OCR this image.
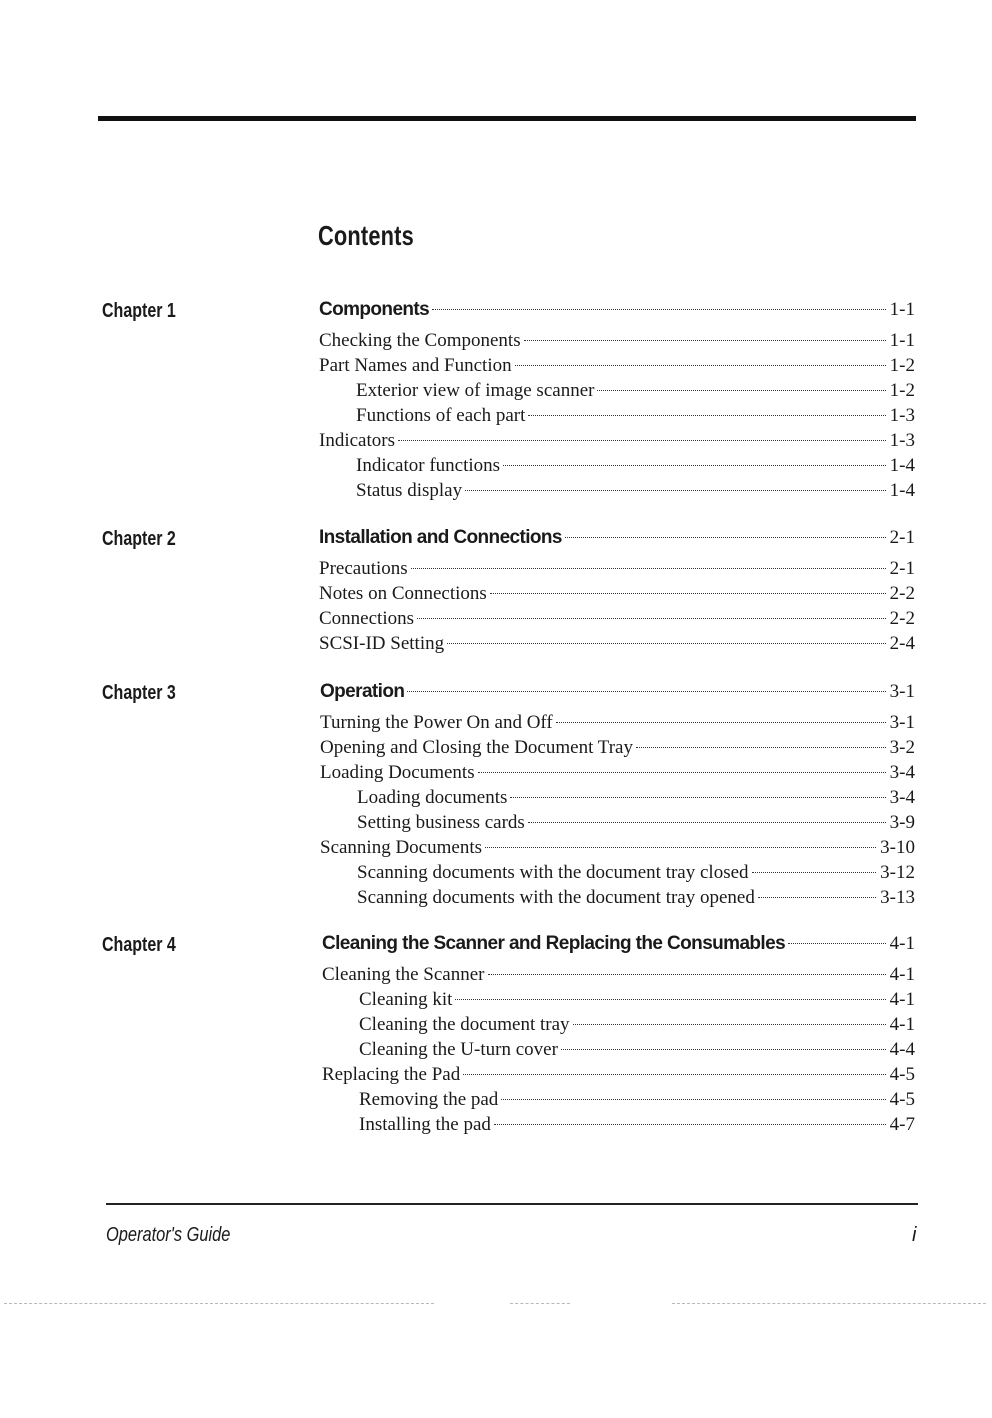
Contents
Chapter 1	Components	1-1
Checking the Components	1-1
Part Names and Function	1-2
Exterior view of image scanner	1-2
Functions of each part	1-3
Indicators	1-3
Indicator functions	1-4
Status display	1-4
Chapter 2	Installation and Connections	2-1
Precautions	2-1
Notes on Connections	2-2
Connections	2-2
SCSI-ID Setting	2-4
Chapter 3	Operation	3-1
Turning the Power On and Off	3-1
Opening and Closing the Document Tray	3-2
Loading Documents	3-4
Loading documents	3-4
Setting business cards	3-9
Scanning Documents	3-10
Scanning documents with the document tray closed	3-12
Scanning documents with the document tray opened	3-13
Chapter 4	Cleaning the Scanner and Replacing the Consumables	4-1
Cleaning the Scanner	4-1
Cleaning kit	4-1
Cleaning the document tray	4-1
Cleaning the U-turn cover	4-4
Replacing the Pad	4-5
Removing the pad	4-5
Installing the pad	4-7
Operator's Guide	i
